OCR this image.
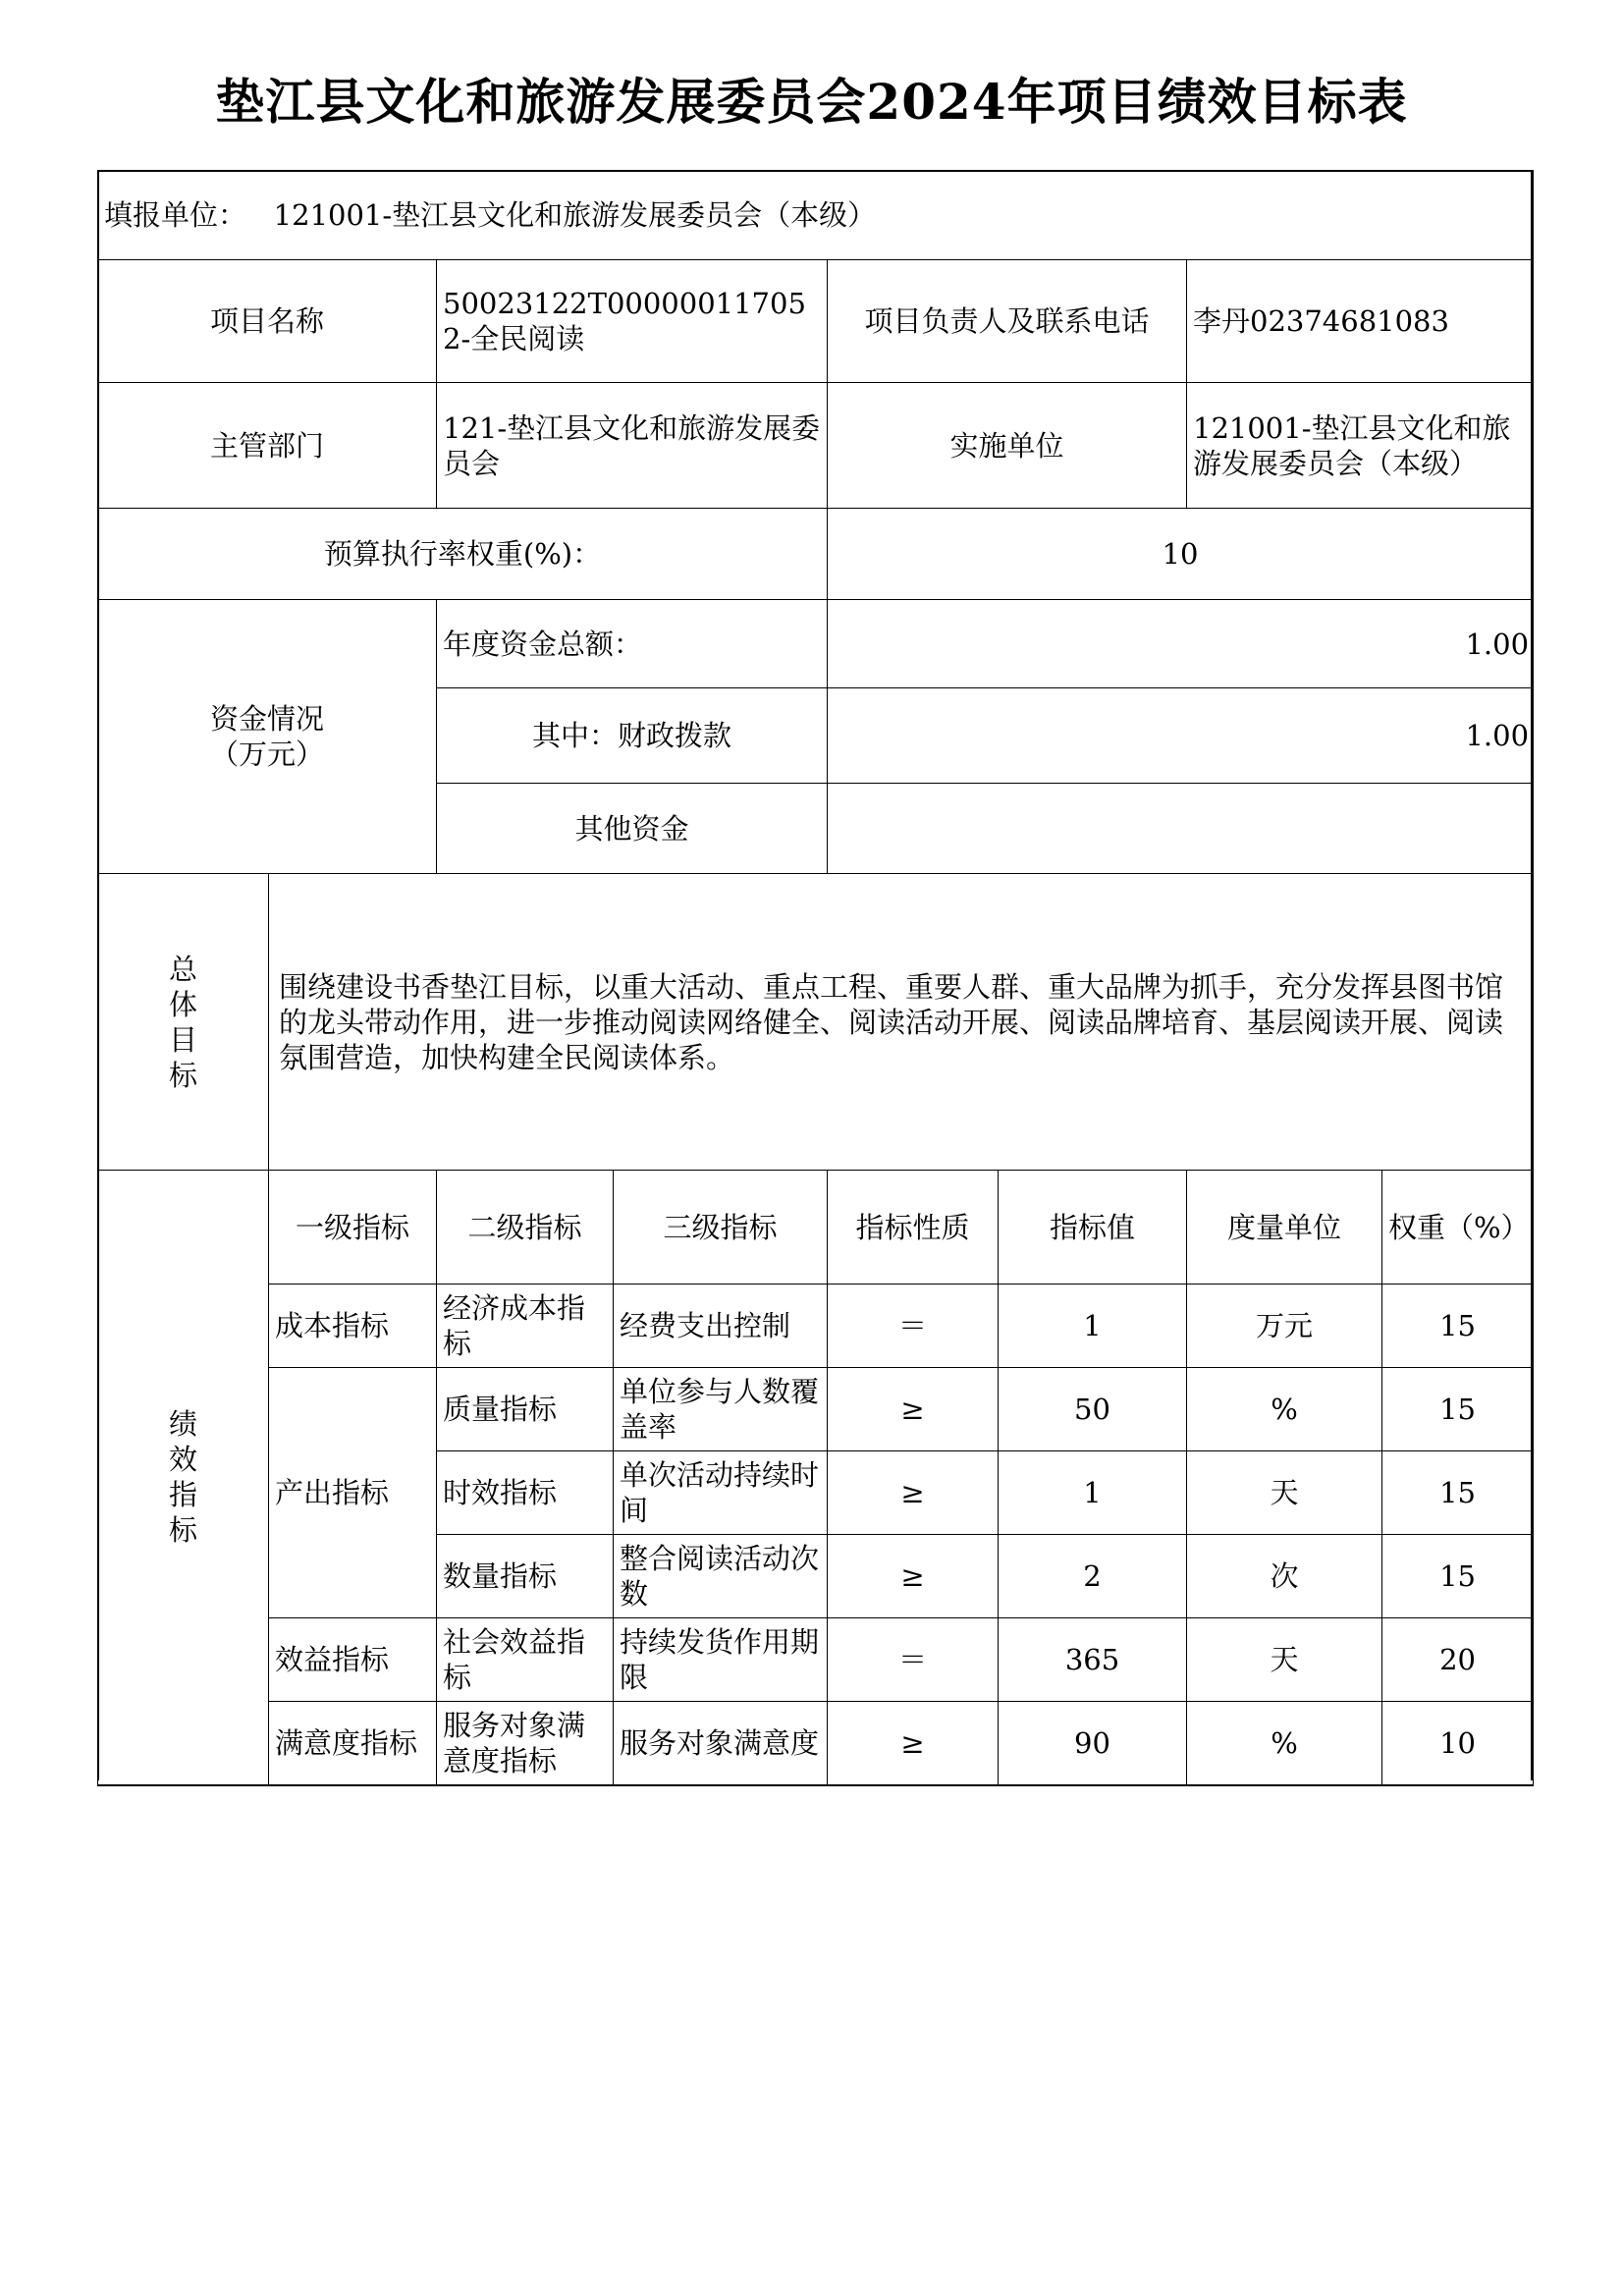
垫江县文化和旅游发展委员会2024年项目绩效目标表
填报单位： 121001-垫江县文化和旅游发展委员会（本级）							
项目名称		50023122T000000117052-全民阅读		项目负责人及联系电话		李丹02374681083	
主管部门		121-垫江县文化和旅游发展委员会		实施单位		121001-垫江县文化和旅游发展委员会（本级）	
预算执行率权重(%)：				10			

资金情况
（万元）		年度资金总额：		1.00			
		其中：财政拨款		1.00			
		其他资金					

总体目标	围绕建设书香垫江目标，以重大活动、重点工程、重要人群、重大品牌为抓手，充分发挥县图书馆的龙头带动作用，进一步推动阅读网络健全、阅读活动开展、阅读品牌培育、基层阅读开展、阅读氛围营造，加快构建全民阅读体系。						

绩效指标	一级指标	二级指标	三级指标	指标性质	指标值	度量单位	权重（%）
	成本指标	经济成本指标	经费支出控制	＝	1	万元	15
	产出指标	质量指标	单位参与人数覆盖率	≥	50	%	15
		时效指标	单次活动持续时间	≥	1	天	15
		数量指标	整合阅读活动次数	≥	2	次	15
	效益指标	社会效益指标	持续发货作用期限	＝	365	天	20
	满意度指标	服务对象满意度指标	服务对象满意度	≥	90	%	10
